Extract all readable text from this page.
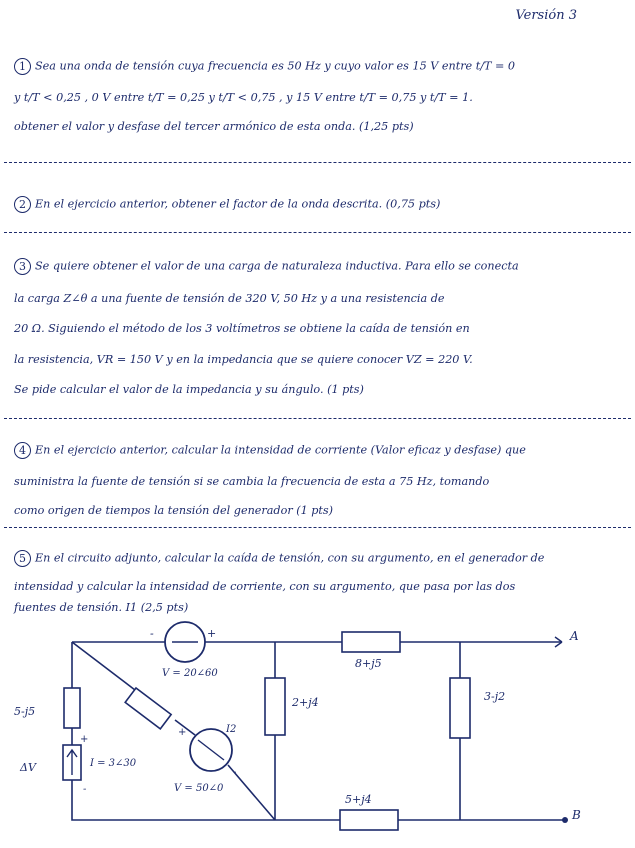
Versión 3
1 Sea una onda de tensión cuya frecuencia es 50 Hz y cuyo valor es 15 V entre t/T = 0
y t/T < 0,25 , 0 V entre t/T = 0,25 y t/T < 0,75 , y 15 V entre t/T = 0,75 y t/T = 1.
obtener el valor y desfase del tercer armónico de esta onda. (1,25 pts)
2 En el ejercicio anterior, obtener el factor de la onda descrita. (0,75 pts)
3 Se quiere obtener el valor de una carga de naturaleza inductiva. Para ello se conecta
la carga Z∠θ a una fuente de tensión de 320 V, 50 Hz y a una resistencia de
20 Ω. Siguiendo el método de los 3 voltímetros se obtiene la caída de tensión en
la resistencia, VR = 150 V y en la impedancia que se quiere conocer VZ = 220 V.
Se pide calcular el valor de la impedancia y su ángulo. (1 pts)
4 En el ejercicio anterior, calcular la intensidad de corriente (Valor eficaz y desfase) que
suministra la fuente de tensión si se cambia la frecuencia de esta a 75 Hz, tomando
como origen de tiempos la tensión del generador (1 pts)
5 En el circuito adjunto, calcular la caída de tensión, con su argumento, en el generador de
intensidad y calcular la intensidad de corriente, con su argumento, que pasa por las dos
fuentes de tensión. I1 (2,5 pts)
-	+
V = 20∠60
5-j5
I = 3∠30
ΔV
+
-	V = 50∠0
I2
+
-
2+j4
8+j5
3-j2
5+j4
A
B
